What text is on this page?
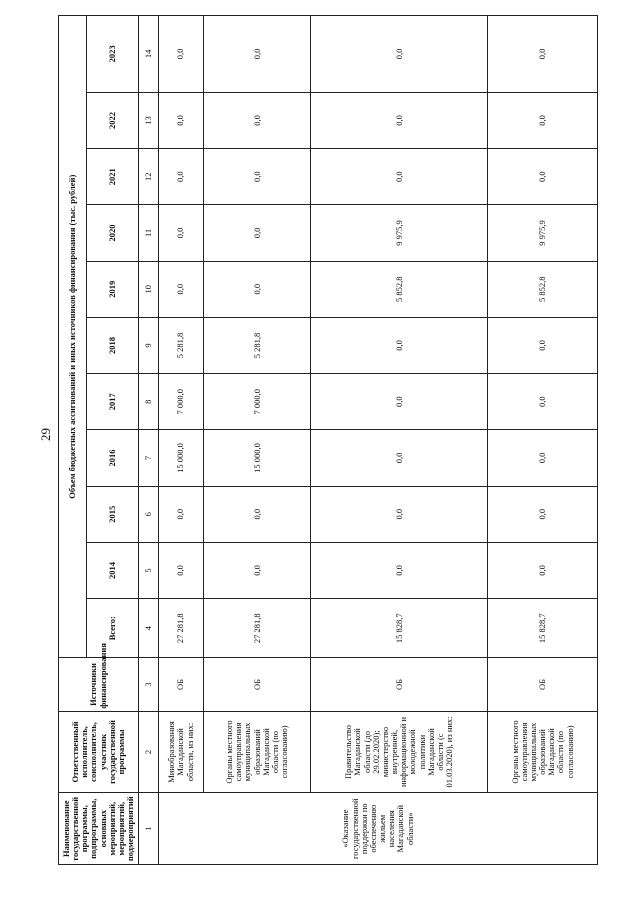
29
Наименование государственной программы, подпрограммы, основных мероприятий, мероприятий, подмероприятий	Ответственный исполнитель, соисполнитель, участник государственной программы	Источники финансирования	Объем бюджетных ассигнований и иных источников финансирования (тыс. рублей)										
			Всего:	2014	2015	2016	2017	2018	2019	2020	2021	2022	2023
1	2	3	4	5	6	7	8	9	10	11	12	13	14
«Оказание государственной поддержки по обеспечению жильем населения Магаданской области»	Минобразования Магаданской области, из них:	ОБ	27 281,8	0,0	0,0	15 000,0	7 000,0	5 281,8	0,0	0,0	0,0	0,0	0,0
	Органы местного самоуправления муниципальных образований Магаданской области (по согласованию)	ОБ	27 281,8	0,0	0,0	15 000,0	7 000,0	5 281,8	0,0	0,0	0,0	0,0	0,0
	Правительство Магаданской области (до 29.02.2020); министерство внутренней, информационной и молодежной политики Магаданской области (с 01.03.2020), из них:	ОБ	15 828,7	0,0	0,0	0,0	0,0	0,0	5 852,8	9 975,9	0,0	0,0	0,0
	Органы местного самоуправления муниципальных образований Магаданской области (по согласованию)	ОБ	15 828,7	0,0	0,0	0,0	0,0	0,0	5 852,8	9 975,9	0,0	0,0	0,0
